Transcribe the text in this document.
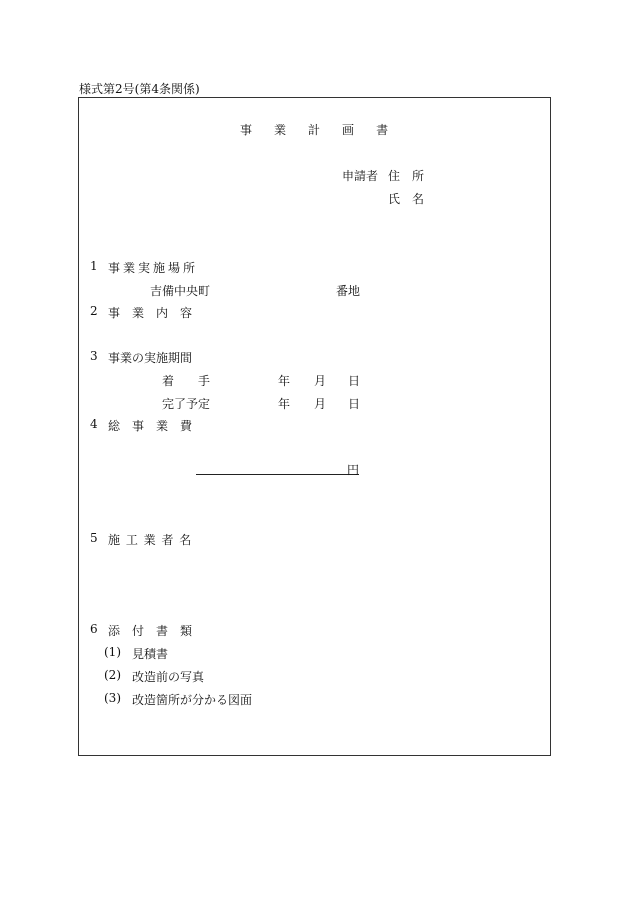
様式第2号(第4条関係)
事 業 計 画 書
申請者 住　所
氏　名
1 事業実施場所
吉備中央町	番地
2 事　業　内　容
3 事業の実施期間
着　　手	年 月 日
完了予定	年 月 日
4 総　事　業　費
円
5 施 工 業 者 名
6 添　付　書　類
(1) 見積書
(2) 改造前の写真
(3) 改造箇所が分かる図面
